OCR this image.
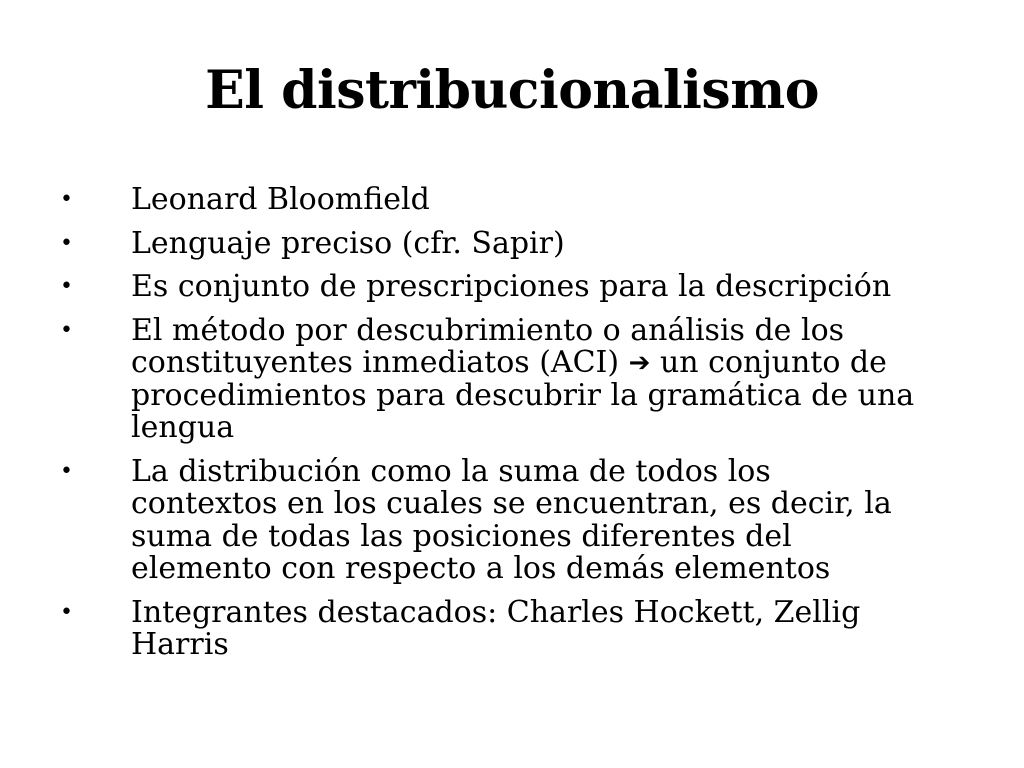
El distribucionalismo
•	Leonard Bloomfield
•	Lenguaje preciso (cfr. Sapir)
•	Es conjunto de prescripciones para la descripción
•	El método por descubrimiento o análisis de los
constituyentes inmediatos (ACI) ➔ un conjunto de
procedimientos para descubrir la gramática de una
lengua
•	La distribución como la suma de todos los
contextos en los cuales se encuentran, es decir, la
suma de todas las posiciones diferentes del
elemento con respecto a los demás elementos
•	Integrantes destacados: Charles Hockett, Zellig
Harris
